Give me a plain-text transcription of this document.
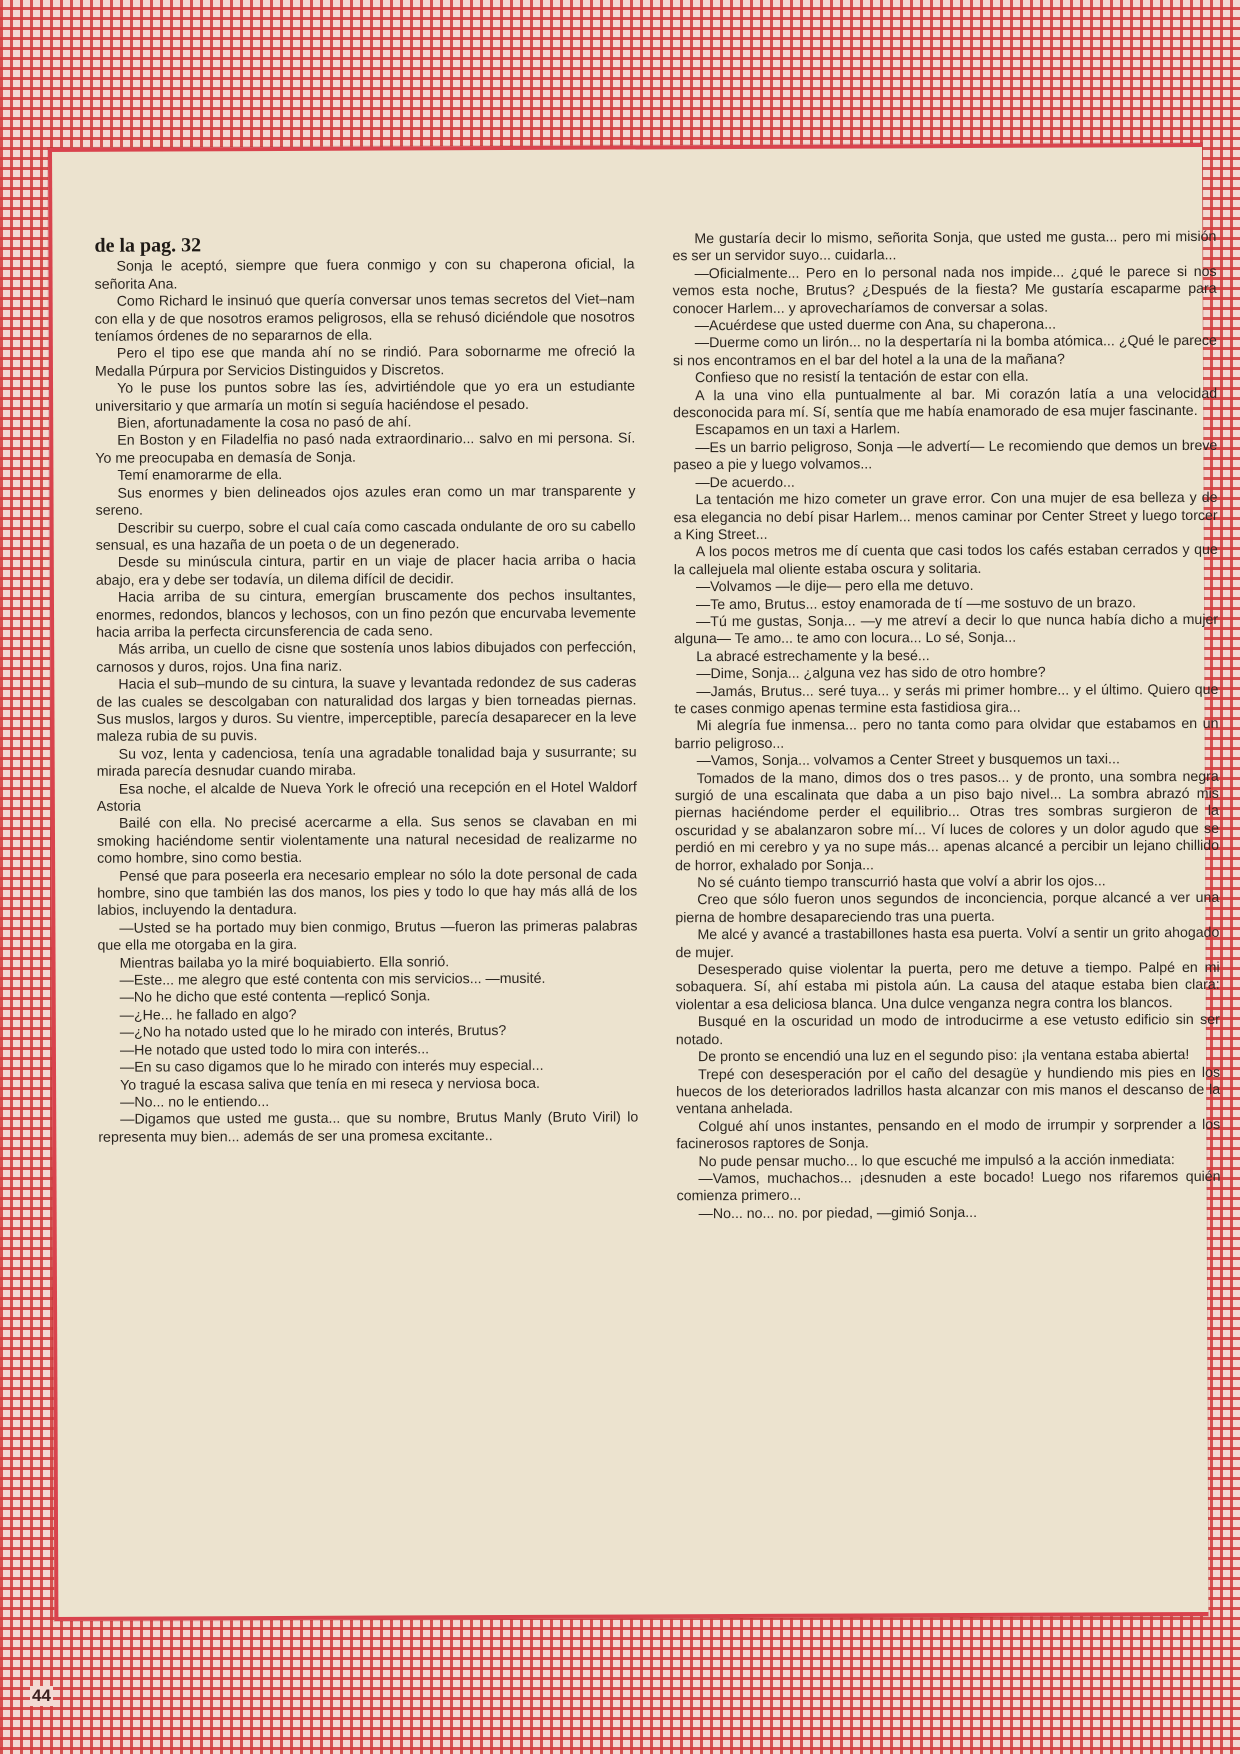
de la pag. 32

Sonja le aceptó, siempre que fuera conmigo y con su chaperona oficial, la señorita Ana.

Como Richard le insinuó que quería conversar unos temas secretos del Viet–nam con ella y de que nosotros eramos peligrosos, ella se rehusó diciéndole que nosotros teníamos órdenes de no separarnos de ella.

Pero el tipo ese que manda ahí no se rindió. Para sobornarme me ofreció la Medalla Púrpura por Servicios Distinguidos y Discretos.

Yo le puse los puntos sobre las íes, advirtiéndole que yo era un estudiante universitario y que armaría un motín si seguía haciéndose el pesado.

Bien, afortunadamente la cosa no pasó de ahí.

En Boston y en Filadelfia no pasó nada extraordinario... salvo en mi persona. Sí. Yo me preocupaba en demasía de Sonja.

Temí enamorarme de ella.

Sus enormes y bien delineados ojos azules eran como un mar transparente y sereno.

Describir su cuerpo, sobre el cual caía como cascada ondulante de oro su cabello sensual, es una hazaña de un poeta o de un degenerado.

Desde su minúscula cintura, partir en un viaje de placer hacia arriba o hacia abajo, era y debe ser todavía, un dilema difícil de decidir.

Hacia arriba de su cintura, emergían bruscamente dos pechos insultantes, enormes, redondos, blancos y lechosos, con un fino pezón que encurvaba levemente hacia arriba la perfecta circunsferencia de cada seno.

Más arriba, un cuello de cisne que sostenía unos labios dibujados con perfección, carnosos y duros, rojos. Una fina nariz.

Hacia el sub–mundo de su cintura, la suave y levantada redondez de sus caderas de las cuales se descolgaban con naturalidad dos largas y bien torneadas piernas. Sus muslos, largos y duros. Su vientre, imperceptible, parecía desaparecer en la leve maleza rubia de su puvis.

Su voz, lenta y cadenciosa, tenía una agradable tonalidad baja y susurrante; su mirada parecía desnudar cuando miraba.

Esa noche, el alcalde de Nueva York le ofreció una recepción en el Hotel Waldorf Astoria

Bailé con ella. No precisé acercarme a ella. Sus senos se clavaban en mi smoking haciéndome sentir violentamente una natural necesidad de realizarme no como hombre, sino como bestia.

Pensé que para poseerla era necesario emplear no sólo la dote personal de cada hombre, sino que también las dos manos, los pies y todo lo que hay más allá de los labios, incluyendo la dentadura.

—Usted se ha portado muy bien conmigo, Brutus —fueron las primeras palabras que ella me otorgaba en la gira.

Mientras bailaba yo la miré boquiabierto. Ella sonrió.

—Este... me alegro que esté contenta con mis servicios... —musité.

—No he dicho que esté contenta —replicó Sonja.

—¿He... he fallado en algo?

—¿No ha notado usted que lo he mirado con interés, Brutus?

—He notado que usted todo lo mira con interés...

—En su caso digamos que lo he mirado con interés muy especial...

Yo tragué la escasa saliva que tenía en mi reseca y nerviosa boca.

—No... no le entiendo...

—Digamos que usted me gusta... que su nombre, Brutus Manly (Bruto Viril) lo representa muy bien... además de ser una promesa excitante..

Me gustaría decir lo mismo, señorita Sonja, que usted me gusta... pero mi misión es ser un servidor suyo... cuidarla...

—Oficialmente... Pero en lo personal nada nos impide... ¿qué le parece si nos vemos esta noche, Brutus? ¿Después de la fiesta? Me gustaría escaparme para conocer Harlem... y aprovecharíamos de conversar a solas.

—Acuérdese que usted duerme con Ana, su chaperona...

—Duerme como un lirón... no la despertaría ni la bomba atómica... ¿Qué le parece si nos encontramos en el bar del hotel a la una de la mañana?

Confieso que no resistí la tentación de estar con ella.

A la una vino ella puntualmente al bar. Mi corazón latía a una velocidad desconocida para mí. Sí, sentía que me había enamorado de esa mujer fascinante.

Escapamos en un taxi a Harlem.

—Es un barrio peligroso, Sonja —le advertí— Le recomiendo que demos un breve paseo a pie y luego volvamos...

—De acuerdo...

La tentación me hizo cometer un grave error. Con una mujer de esa belleza y de esa elegancia no debí pisar Harlem... menos caminar por Center Street y luego torcer a King Street...

A los pocos metros me dí cuenta que casi todos los cafés estaban cerrados y que la callejuela mal oliente estaba oscura y solitaria.

—Volvamos —le dije— pero ella me detuvo.

—Te amo, Brutus... estoy enamorada de tí —me sostuvo de un brazo.

—Tú me gustas, Sonja... —y me atreví a decir lo que nunca había dicho a mujer alguna— Te amo... te amo con locura... Lo sé, Sonja...

La abracé estrechamente y la besé...

—Dime, Sonja... ¿alguna vez has sido de otro hombre?

—Jamás, Brutus... seré tuya... y serás mi primer hombre... y el último. Quiero que te cases conmigo apenas termine esta fastidiosa gira...

Mi alegría fue inmensa... pero no tanta como para olvidar que estabamos en un barrio peligroso...

—Vamos, Sonja... volvamos a Center Street y busquemos un taxi...

Tomados de la mano, dimos dos o tres pasos... y de pronto, una sombra negra surgió de una escalinata que daba a un piso bajo nivel... La sombra abrazó mis piernas haciéndome perder el equilibrio... Otras tres sombras surgieron de la oscuridad y se abalanzaron sobre mí... Ví luces de colores y un dolor agudo que se perdió en mi cerebro y ya no supe más... apenas alcancé a percibir un lejano chillido de horror, exhalado por Sonja...

No sé cuánto tiempo transcurrió hasta que volví a abrir los ojos...

Creo que sólo fueron unos segundos de inconciencia, porque alcancé a ver una pierna de hombre desapareciendo tras una puerta.

Me alcé y avancé a trastabillones hasta esa puerta. Volví a sentir un grito ahogado de mujer.

Desesperado quise violentar la puerta, pero me detuve a tiempo. Palpé en mi sobaquera. Sí, ahí estaba mi pistola aún. La causa del ataque estaba bien clara: violentar a esa deliciosa blanca. Una dulce venganza negra contra los blancos.

Busqué en la oscuridad un modo de introducirme a ese vetusto edificio sin ser notado.

De pronto se encendió una luz en el segundo piso: ¡la ventana estaba abierta!

Trepé con desesperación por el caño del desagüe y hundiendo mis pies en los huecos de los deteriorados ladrillos hasta alcanzar con mis manos el descanso de la ventana anhelada.

Colgué ahí unos instantes, pensando en el modo de irrumpir y sorprender a los facinerosos raptores de Sonja.

No pude pensar mucho... lo que escuché me impulsó a la acción inmediata:

—Vamos, muchachos... ¡desnuden a este bocado! Luego nos rifaremos quién comienza primero...

—No... no... no. por piedad, —gimió Sonja...

44
